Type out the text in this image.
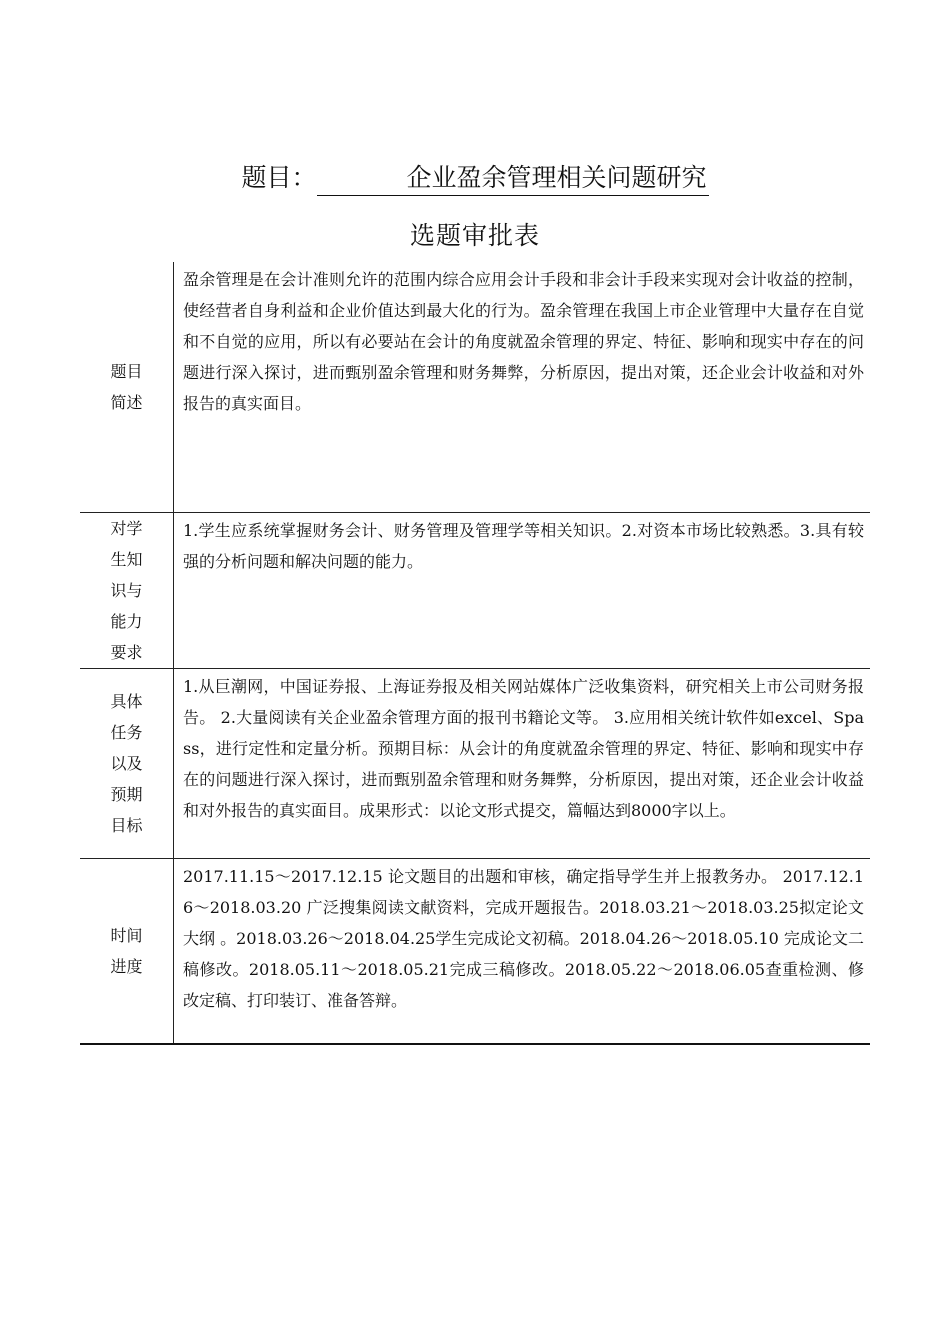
题目：	企业盈余管理相关问题研究
选题审批表
题目简述	盈余管理是在会计准则允许的范围内综合应用会计手段和非会计手段来实现对会计收益的控制，使经营者自身利益和企业价值达到最大化的行为。盈余管理在我国上市企业管理中大量存在自觉和不自觉的应用，所以有必要站在会计的角度就盈余管理的界定、特征、影响和现实中存在的问题进行深入探讨，进而甄别盈余管理和财务舞弊，分析原因，提出对策，还企业会计收益和对外报告的真实面目。
对学生知识与能力要求	1.学生应系统掌握财务会计、财务管理及管理学等相关知识。2.对资本市场比较熟悉。3.具有较强的分析问题和解决问题的能力。
具体任务以及预期目标	1.从巨潮网，中国证券报、上海证券报及相关网站媒体广泛收集资料，研究相关上市公司财务报告。 2.大量阅读有关企业盈余管理方面的报刊书籍论文等。 3.应用相关统计软件如excel、Spass，进行定性和定量分析。预期目标：从会计的角度就盈余管理的界定、特征、影响和现实中存在的问题进行深入探讨，进而甄别盈余管理和财务舞弊，分析原因，提出对策，还企业会计收益和对外报告的真实面目。成果形式：以论文形式提交，篇幅达到8000字以上。
时间进度	2017.11.15～2017.12.15 论文题目的出题和审核，确定指导学生并上报教务办。 2017.12.16～2018.03.20 广泛搜集阅读文献资料，完成开题报告。2018.03.21～2018.03.25拟定论文大纲 。2018.03.26～2018.04.25学生完成论文初稿。2018.04.26～2018.05.10 完成论文二稿修改。2018.05.11～2018.05.21完成三稿修改。2018.05.22～2018.06.05查重检测、修改定稿、打印装订、准备答辩。
